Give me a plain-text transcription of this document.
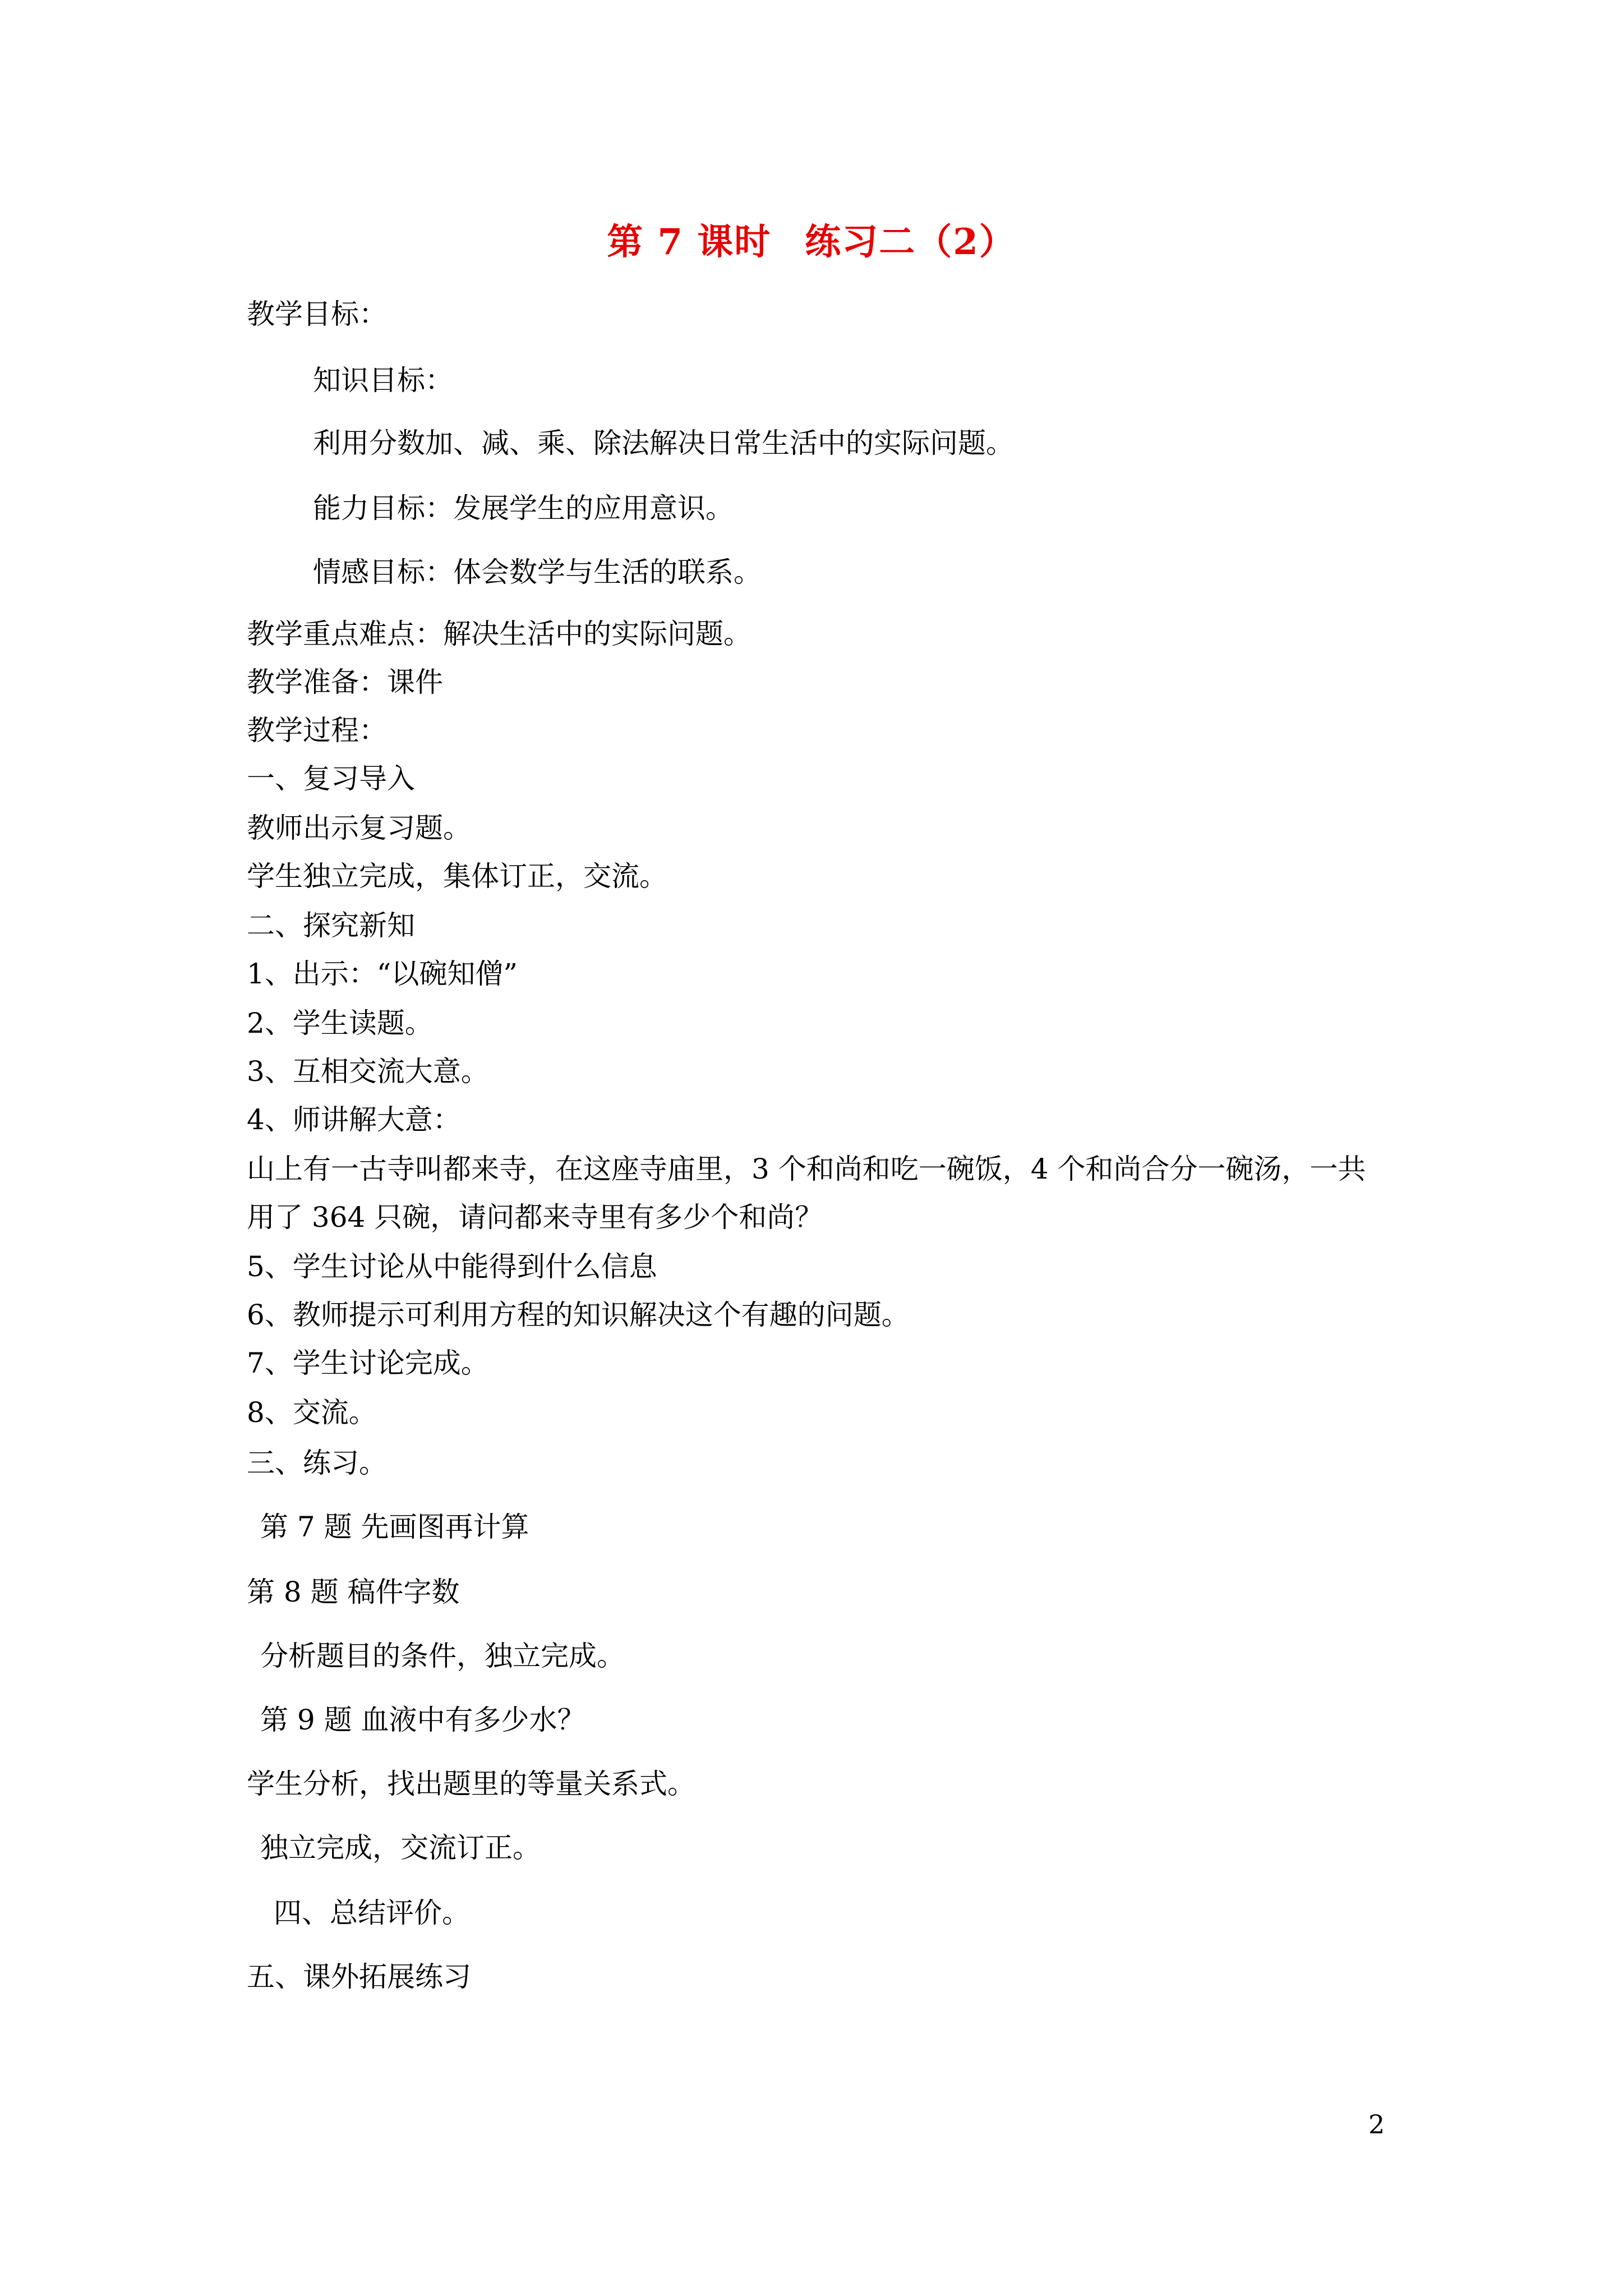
第 7 课时 练习二（2）
教学目标：
知识目标：
利用分数加、减、乘、除法解决日常生活中的实际问题。
能力目标：发展学生的应用意识。
情感目标：体会数学与生活的联系。
教学重点难点：解决生活中的实际问题。
教学准备：课件
教学过程：
一、复习导入
教师出示复习题。
学生独立完成，集体订正，交流。
二、探究新知
1、出示：“以碗知僧”
2、学生读题。
3、互相交流大意。
4、师讲解大意：
山上有一古寺叫都来寺，在这座寺庙里，3 个和尚和吃一碗饭，4 个和尚合分一碗汤，一共
用了 364 只碗，请问都来寺里有多少个和尚？
5、学生讨论从中能得到什么信息
6、教师提示可利用方程的知识解决这个有趣的问题。
7、学生讨论完成。
8、交流。
三、练习。
第 7 题 先画图再计算
第 8 题 稿件字数
分析题目的条件，独立完成。
第 9 题 血液中有多少水？
学生分析，找出题里的等量关系式。
独立完成，交流订正。
四、总结评价。
五、课外拓展练习
2
